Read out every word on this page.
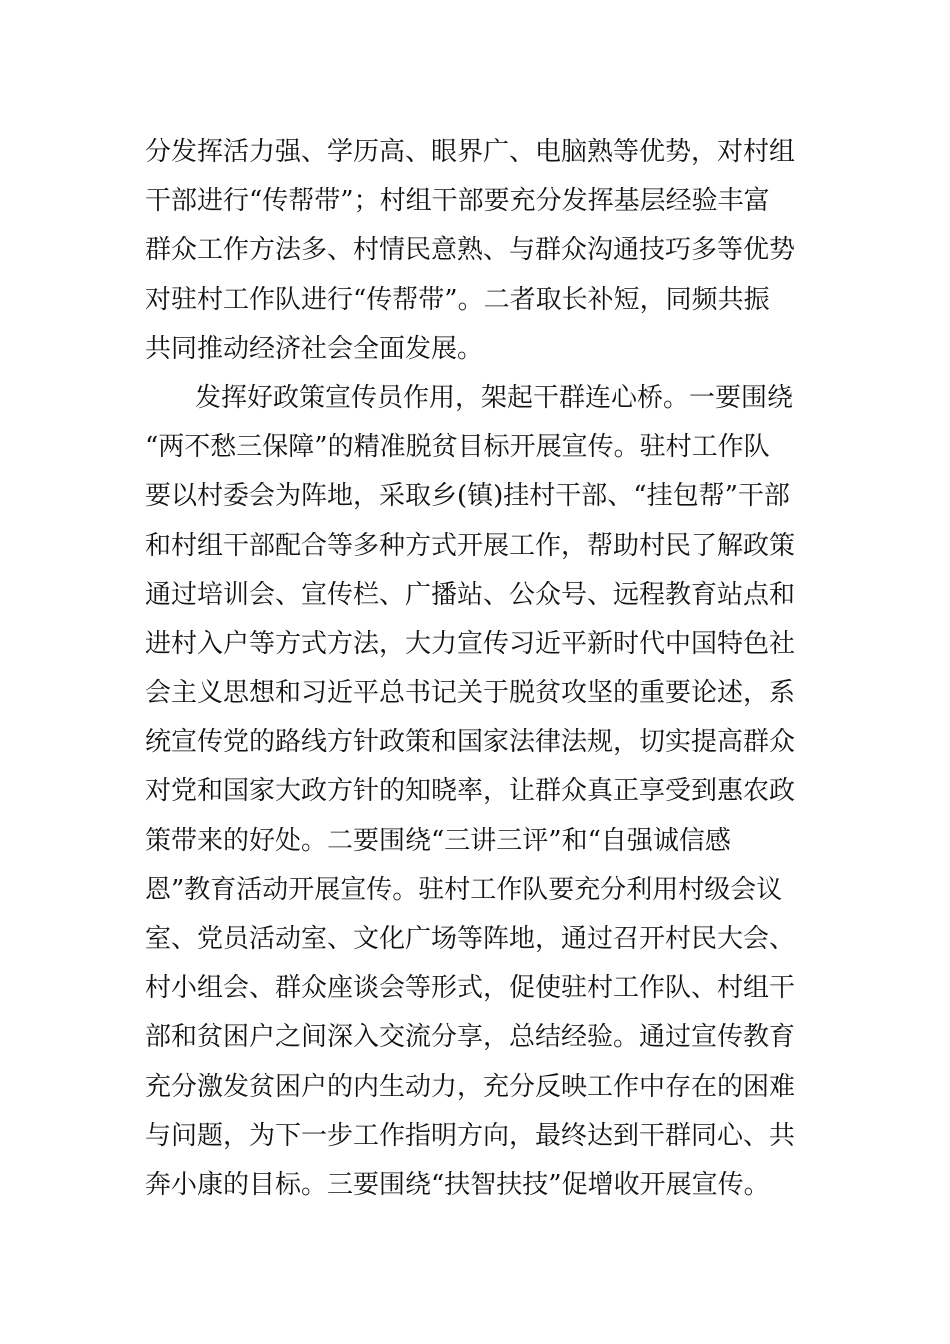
分发挥活力强、学历高、眼界广、电脑熟等优势，对村组
干部进行“传帮带”；村组干部要充分发挥基层经验丰富
群众工作方法多、村情民意熟、与群众沟通技巧多等优势
对驻村工作队进行“传帮带”。二者取长补短，同频共振
共同推动经济社会全面发展。
发挥好政策宣传员作用，架起干群连心桥。一要围绕
“两不愁三保障”的精准脱贫目标开展宣传。驻村工作队
要以村委会为阵地，采取乡(镇)挂村干部、“挂包帮”干部
和村组干部配合等多种方式开展工作，帮助村民了解政策
通过培训会、宣传栏、广播站、公众号、远程教育站点和
进村入户等方式方法，大力宣传习近平新时代中国特色社
会主义思想和习近平总书记关于脱贫攻坚的重要论述，系
统宣传党的路线方针政策和国家法律法规，切实提高群众
对党和国家大政方针的知晓率，让群众真正享受到惠农政
策带来的好处。二要围绕“三讲三评”和“自强诚信感
恩”教育活动开展宣传。驻村工作队要充分利用村级会议
室、党员活动室、文化广场等阵地，通过召开村民大会、
村小组会、群众座谈会等形式，促使驻村工作队、村组干
部和贫困户之间深入交流分享，总结经验。通过宣传教育
充分激发贫困户的内生动力，充分反映工作中存在的困难
与问题，为下一步工作指明方向，最终达到干群同心、共
奔小康的目标。三要围绕“扶智扶技”促增收开展宣传。
